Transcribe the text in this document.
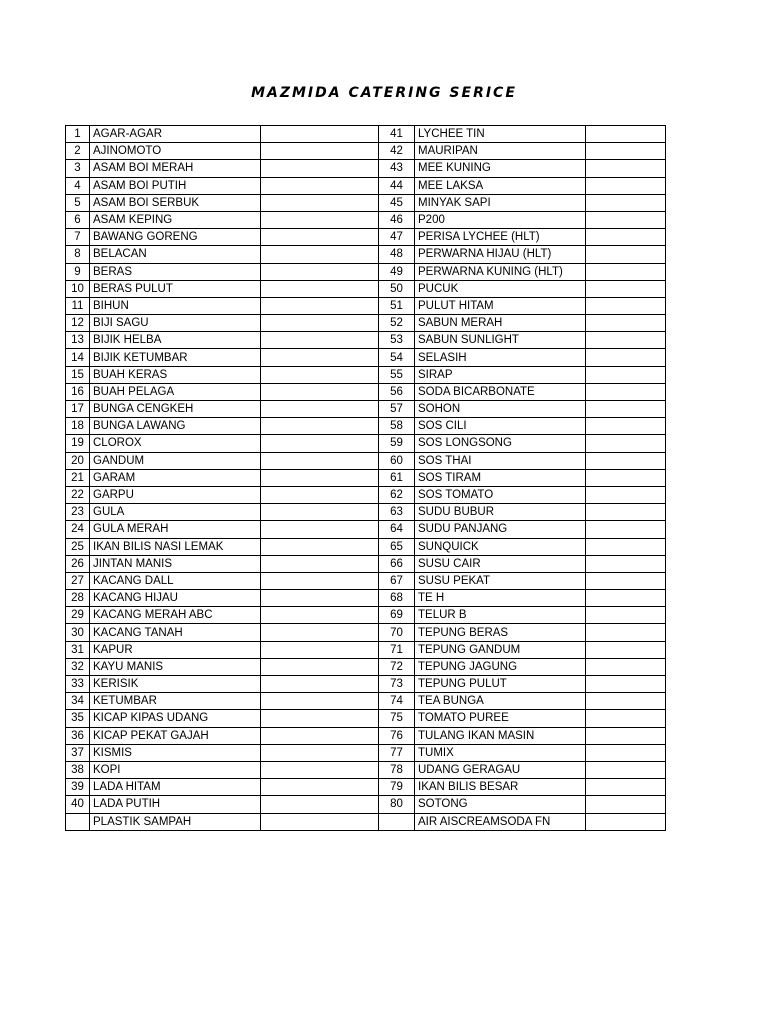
MAZMIDA CATERING SERICE
1	AGAR-AGAR		41	LYCHEE TIN	
2	AJINOMOTO		42	MAURIPAN	
3	ASAM BOI MERAH		43	MEE KUNING	
4	ASAM BOI PUTIH		44	MEE LAKSA	
5	ASAM BOI SERBUK		45	MINYAK SAPI	
6	ASAM KEPING		46	P200	
7	BAWANG GORENG		47	PERISA LYCHEE (HLT)	
8	BELACAN		48	PERWARNA HIJAU (HLT)	
9	BERAS		49	PERWARNA KUNING (HLT)	
10	BERAS PULUT		50	PUCUK	
11	BIHUN		51	PULUT HITAM	
12	BIJI SAGU		52	SABUN MERAH	
13	BIJIK HELBA		53	SABUN SUNLIGHT	
14	BIJIK KETUMBAR		54	SELASIH	
15	BUAH KERAS		55	SIRAP	
16	BUAH PELAGA		56	SODA BICARBONATE	
17	BUNGA CENGKEH		57	SOHON	
18	BUNGA LAWANG		58	SOS CILI	
19	CLOROX		59	SOS LONGSONG	
20	GANDUM		60	SOS THAI	
21	GARAM		61	SOS TIRAM	
22	GARPU		62	SOS TOMATO	
23	GULA		63	SUDU BUBUR	
24	GULA MERAH		64	SUDU PANJANG	
25	IKAN BILIS NASI LEMAK		65	SUNQUICK	
26	JINTAN MANIS		66	SUSU CAIR	
27	KACANG DALL		67	SUSU PEKAT	
28	KACANG HIJAU		68	TE H	
29	KACANG MERAH ABC		69	TELUR B	
30	KACANG TANAH		70	TEPUNG BERAS	
31	KAPUR		71	TEPUNG GANDUM	
32	KAYU MANIS		72	TEPUNG JAGUNG	
33	KERISIK		73	TEPUNG PULUT	
34	KETUMBAR		74	TEA BUNGA	
35	KICAP KIPAS UDANG		75	TOMATO PUREE	
36	KICAP PEKAT GAJAH		76	TULANG IKAN MASIN	
37	KISMIS		77	TUMIX	
38	KOPI		78	UDANG GERAGAU	
39	LADA HITAM		79	IKAN BILIS BESAR	
40	LADA PUTIH		80	SOTONG	
	PLASTIK SAMPAH			AIR AISCREAMSODA FN	
